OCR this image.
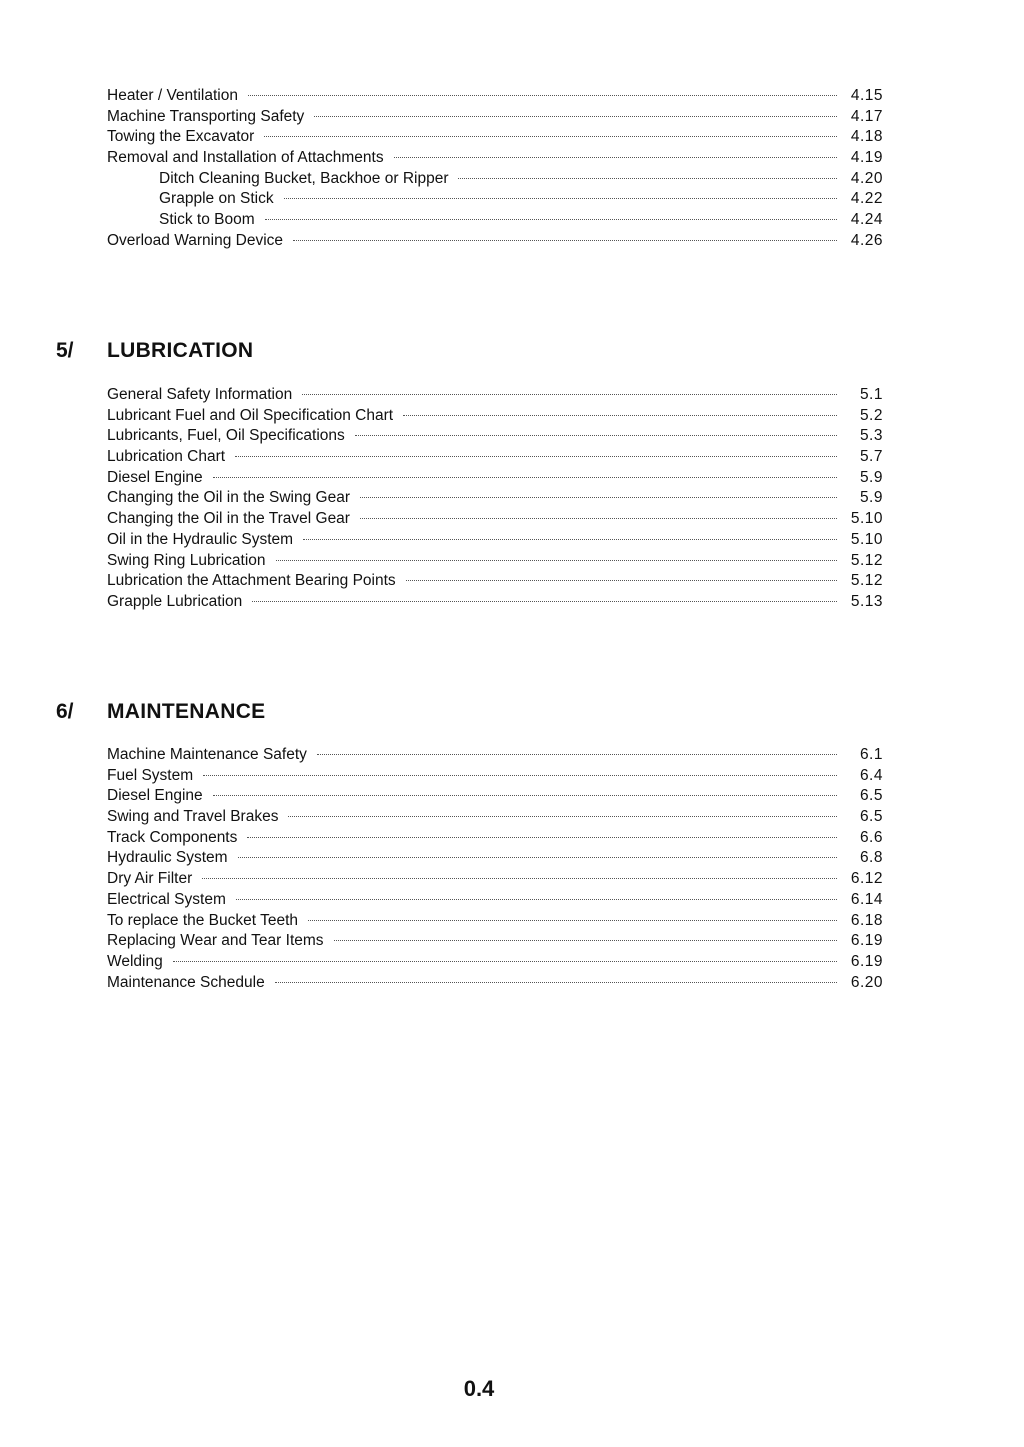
Heater / Ventilation	4.15
Machine Transporting Safety	4.17
Towing the Excavator	4.18
Removal and Installation of Attachments	4.19
Ditch Cleaning Bucket, Backhoe or Ripper	4.20
Grapple on Stick	4.22
Stick to Boom	4.24
Overload Warning Device	4.26
5/	LUBRICATION
General Safety Information	5.1
Lubricant Fuel and Oil Specification Chart	5.2
Lubricants, Fuel, Oil Specifications	5.3
Lubrication Chart	5.7
Diesel Engine	5.9
Changing the Oil in the Swing Gear	5.9
Changing the Oil in the Travel Gear	5.10
Oil in the Hydraulic System	5.10
Swing Ring Lubrication	5.12
Lubrication the Attachment Bearing Points	5.12
Grapple Lubrication	5.13
6/	MAINTENANCE
Machine Maintenance Safety	6.1
Fuel System	6.4
Diesel Engine	6.5
Swing and Travel Brakes	6.5
Track Components	6.6
Hydraulic System	6.8
Dry Air Filter	6.12
Electrical System	6.14
To replace the Bucket Teeth	6.18
Replacing Wear and Tear Items	6.19
Welding	6.19
Maintenance Schedule	6.20
0.4
